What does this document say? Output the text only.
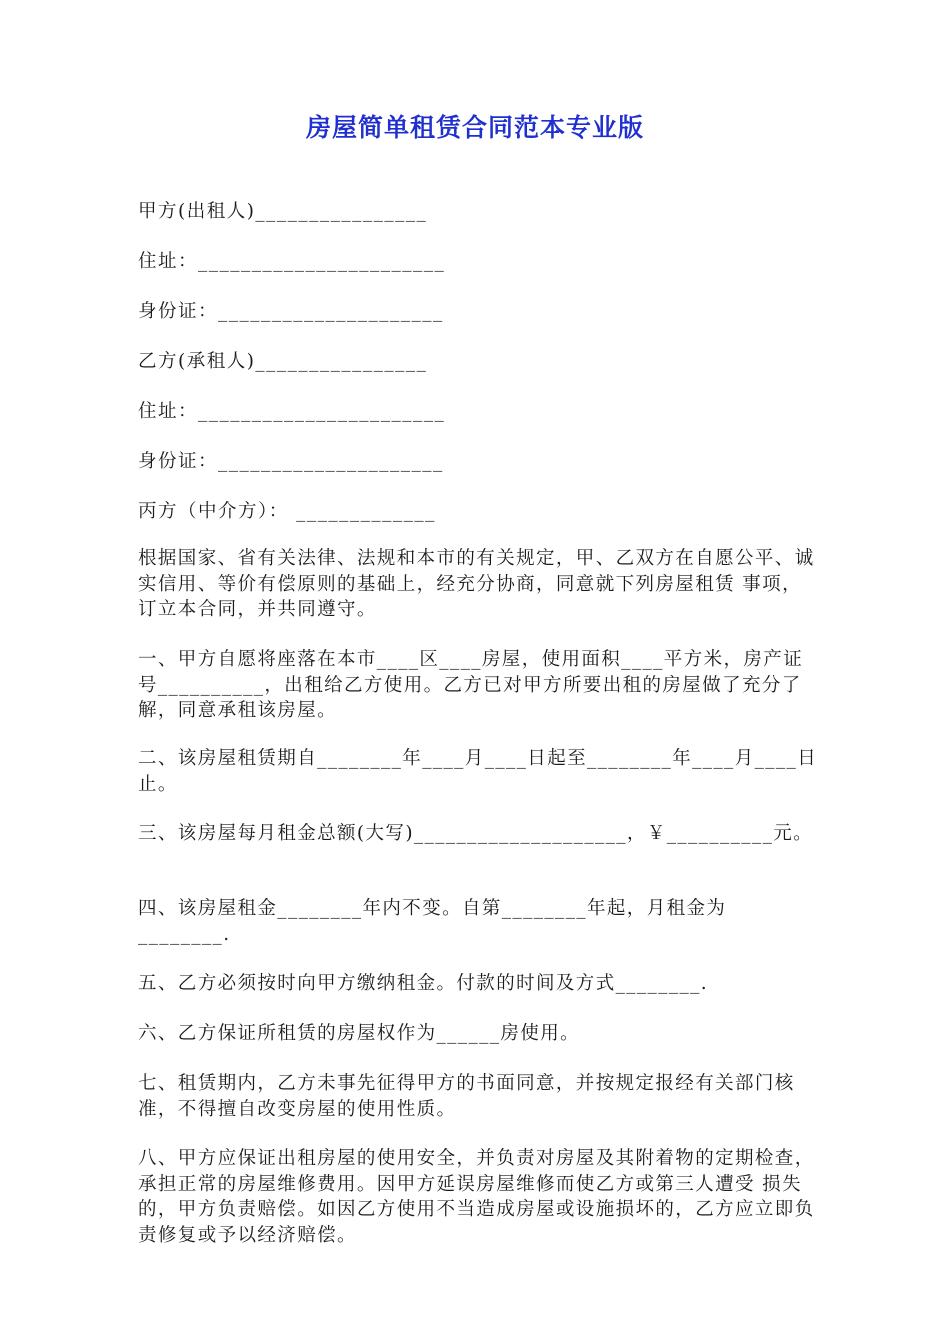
房屋简单租赁合同范本专业版
甲方(出租人)________________
住址：_______________________
身份证：_____________________
乙方(承租人)________________
住址：_______________________
身份证：_____________________
丙方（中介方）： _____________
根据国家、省有关法律、法规和本市的有关规定，甲、乙双方在自愿公平、诚实信用、等价有偿原则的基础上，经充分协商，同意就下列房屋租赁 事项，订立本合同，并共同遵守。
一、甲方自愿将座落在本市____区____房屋，使用面积____平方米，房产证号__________，出租给乙方使用。乙方已对甲方所要出租的房屋做了充分了解，同意承租该房屋。
二、该房屋租赁期自________年____月____日起至________年____月____日止。
三、该房屋每月租金总额(大写)____________________，￥__________元。
四、该房屋租金________年内不变。自第________年起，月租金为________.
五、乙方必须按时向甲方缴纳租金。付款的时间及方式________.
六、乙方保证所租赁的房屋权作为______房使用。
七、租赁期内，乙方未事先征得甲方的书面同意，并按规定报经有关部门核准，不得擅自改变房屋的使用性质。
八、甲方应保证出租房屋的使用安全，并负责对房屋及其附着物的定期检查，承担正常的房屋维修费用。因甲方延误房屋维修而使乙方或第三人遭受 损失的，甲方负责赔偿。如因乙方使用不当造成房屋或设施损坏的，乙方应立即负责修复或予以经济赔偿。
